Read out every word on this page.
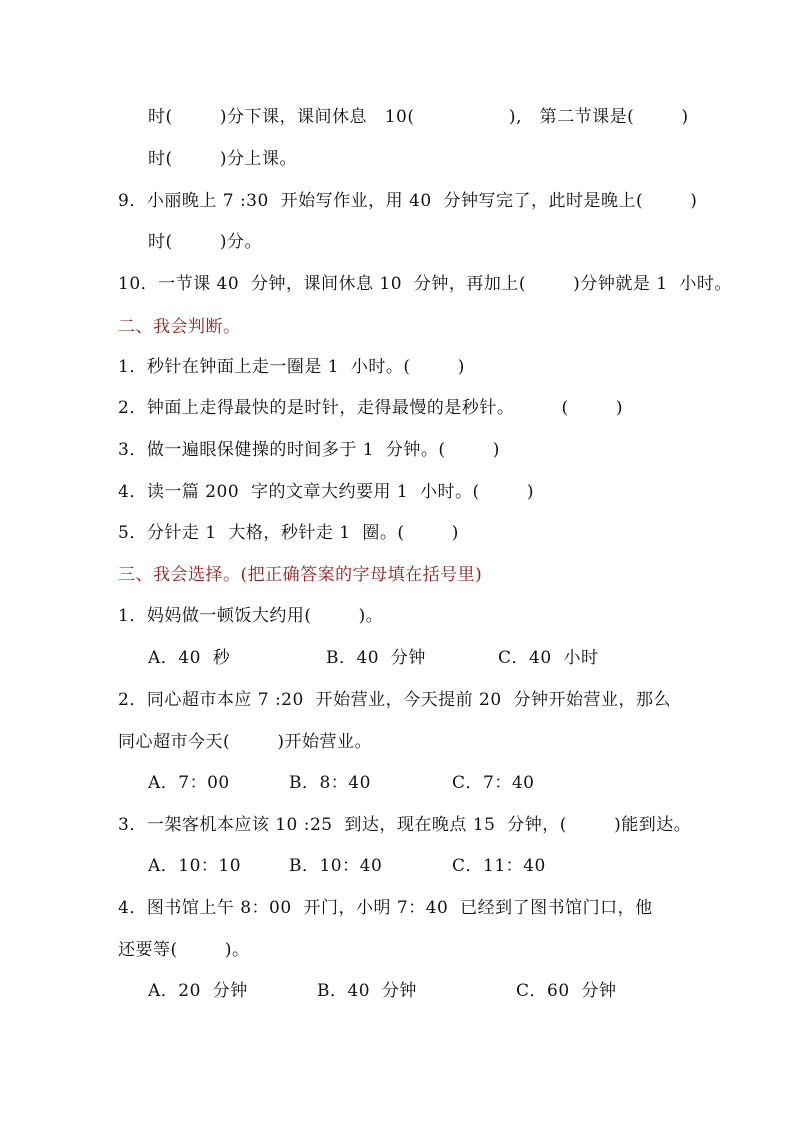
时(        )分下课，课间休息   10(                ),   第二节课是(        )
时(        )分上课。
9．小丽晚上 7 :30  开始写作业，用 40  分钟写完了，此时是晚上(        )
时(        )分。
10．一节课 40  分钟，课间休息 10  分钟，再加上(        )分钟就是 1  小时。
二、我会判断。
1．秒针在钟面上走一圈是 1  小时。(        )
2．钟面上走得最快的是时针，走得最慢的是秒针。        (        )
3．做一遍眼保健操的时间多于 1  分钟。(        )
4．读一篇 200  字的文章大约要用 1  小时。(        )
5．分针走 1  大格，秒针走 1  圈。(        )
三、我会选择。(把正确答案的字母填在括号里)
1．妈妈做一顿饭大约用(        )。
A．40  秒	B．40  分钟	C．40  小时
2．同心超市本应 7 :20  开始营业，今天提前 20  分钟开始营业，那么
同心超市今天(        )开始营业。
A．7：00	B．8：40	C．7：40
3．一架客机本应该 10 :25  到达，现在晚点 15  分钟，(        )能到达。
A．10：10	B．10：40	C．11：40
4．图书馆上午 8：00  开门，小明 7：40  已经到了图书馆门口，他
还要等(        )。
A．20  分钟	B．40  分钟	C．60  分钟
